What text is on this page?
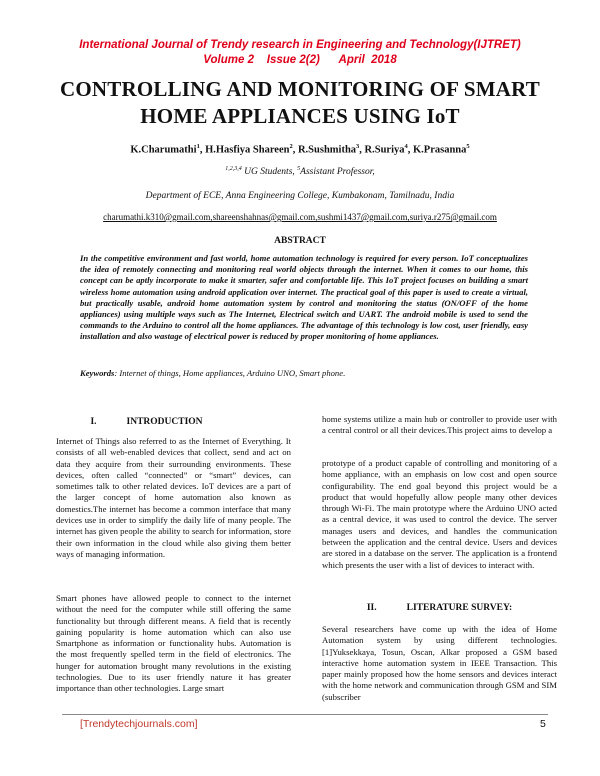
International Journal of Trendy research in Engineering and Technology(IJTRET)
Volume 2    Issue 2(2)      April  2018
CONTROLLING AND MONITORING OF SMART
HOME APPLIANCES USING IoT
K.Charumathi$^1$, H.Hasfiya Shareen$^2$, R.Sushmitha$^3$, R.Suriya$^4$, K.Prasanna$^5$
$^{1,2,3,4}$ UG Students, $^5$Assistant Professor,
Department of ECE, Anna Engineering College, Kumbakonam, Tamilnadu, India
charumathi.k310@gmail.com,shareenshahnas@gmail.com,sushmi1437@gmail.com,suriya.r275@gmail.com
ABSTRACT
In the competitive environment and fast world, home automation technology is required for every person. IoT conceptualizes the idea of remotely connecting and monitoring real world objects through the internet. When it comes to our home, this concept can be aptly incorporate to make it smarter, safer and comfortable life. This IoT project focuses on building a smart wireless home automation using android application over internet. The practical goal of this paper is used to create a virtual, but practically usable, android home automation system by control and monitoring the status (ON/OFF of the home appliances) using multiple ways such as The Internet, Electrical switch and UART. The android mobile is used to send the commands to the Arduino to control all the home appliances. The advantage of this technology is low cost, user friendly, easy installation and also wastage of electrical power is reduced by proper monitoring of home appliances.
Keywords: Internet of things, Home appliances, Arduino UNO, Smart phone.
I.	INTRODUCTION

Internet of Things also referred to as the Internet of Everything. It consists of all web-enabled devices that collect, send and act on data they acquire from their surrounding environments. These devices, often called “connected” or “smart” devices, can sometimes talk to other related devices. IoT devices are a part of the larger concept of home automation also known as domestics.The internet has become a common interface that many devices use in order to simplify the daily life of many people. The internet has given people the ability to search for information, store their own information in the cloud while also giving them better ways of managing information.

Smart phones have allowed people to connect to the internet without the need for the computer while still offering the same functionality but through different means. A field that is recently gaining popularity is home automation which can also use Smartphone as information or functionality hubs. Automation is the most frequently spelled term in the field of electronics. The hunger for automation brought many revolutions in the existing technologies. Due to its user friendly nature it has greater importance than other technologies. Large smart

home systems utilize a main hub or controller to provide user with a central control or all their devices.This project aims to develop a

prototype of a product capable of controlling and monitoring of a home appliance, with an emphasis on low cost and open source configurability. The end goal beyond this project would be a product that would hopefully allow people many other devices through Wi-Fi. The main prototype where the Arduino UNO acted as a central device, it was used to control the device. The server manages users and devices, and handles the communication between the application and the central device. Users and devices are stored in a database on the server. The application is a frontend which presents the user with a list of devices to interact with.

II.	LITERATURE SURVEY:

Several researchers have come up with the idea of Home Automation system by using different technologies. [1]Yuksekkaya, Tosun, Oscan, Alkar proposed a GSM based interactive home automation system in IEEE Transaction. This paper mainly proposed how the home sensors and devices interact with the home network and communication through GSM and SIM (subscriber

[Trendytechjournals.com]	5
